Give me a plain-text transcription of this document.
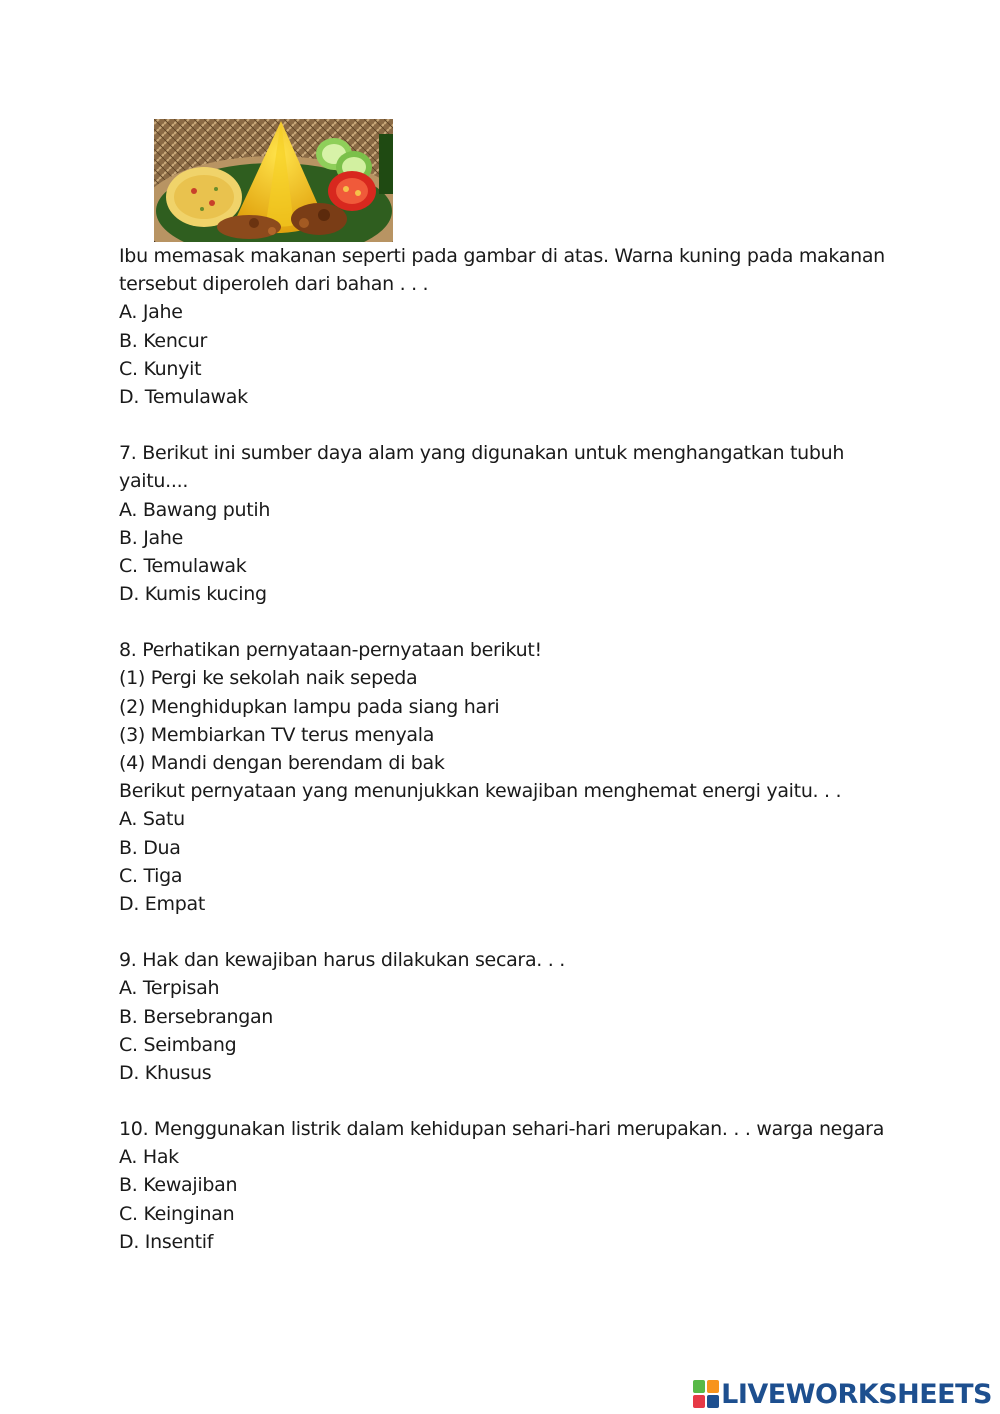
Ibu memasak makanan seperti pada gambar di atas. Warna kuning pada makanan
tersebut diperoleh dari bahan . . .
A. Jahe
B. Kencur
C. Kunyit
D. Temulawak
7. Berikut ini sumber daya alam yang digunakan untuk menghangatkan tubuh
yaitu....
A. Bawang putih
B. Jahe
C. Temulawak
D. Kumis kucing
8. Perhatikan pernyataan-pernyataan berikut!
(1) Pergi ke sekolah naik sepeda
(2) Menghidupkan lampu pada siang hari
(3) Membiarkan TV terus menyala
(4) Mandi dengan berendam di bak
Berikut pernyataan yang menunjukkan kewajiban menghemat energi yaitu. . .
A. Satu
B. Dua
C. Tiga
D. Empat
9. Hak dan kewajiban harus dilakukan secara. . .
A. Terpisah
B. Bersebrangan
C. Seimbang
D. Khusus
10. Menggunakan listrik dalam kehidupan sehari-hari merupakan. . . warga negara
A. Hak
B. Kewajiban
C. Keinginan
D. Insentif
LIVEWORKSHEETS
